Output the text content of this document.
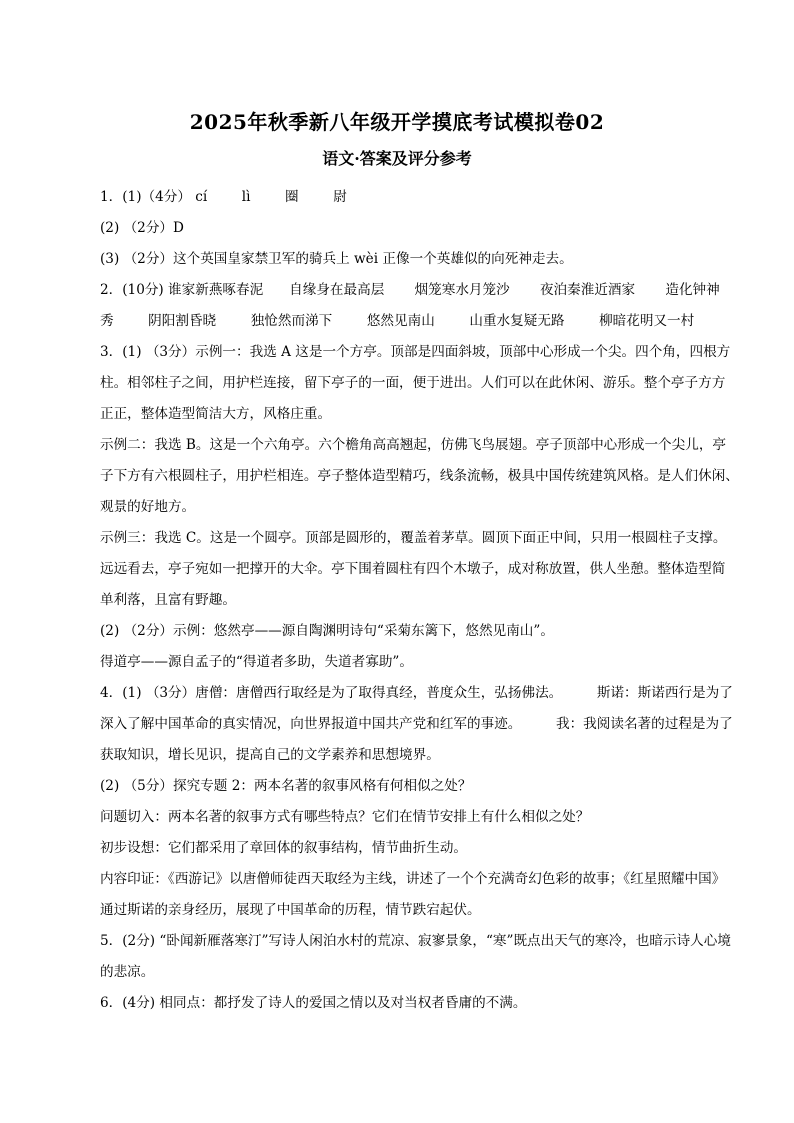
2025年秋季新八年级开学摸底考试模拟卷02
语文·答案及评分参考
1．(1)（4分） cí        lì        圈        尉
(2) （2分）D
(3) （2分）这个英国皇家禁卫军的骑兵上 wèi 正像一个英雄似的向死神走去。
2．(10分) 谁家新燕啄春泥      自缘身在最高层       烟笼寒水月笼沙       夜泊秦淮近酒家       造化钟神
秀        阴阳割昏晓        独怆然而涕下        悠然见南山        山重水复疑无路        柳暗花明又一村
3．(1) （3分）示例一：我选 A 这是一个方亭。顶部是四面斜坡，顶部中心形成一个尖。四个角，四根方
柱。相邻柱子之间，用护栏连接，留下亭子的一面，便于进出。人们可以在此休闲、游乐。整个亭子方方
正正，整体造型简洁大方，风格庄重。
示例二：我选 B。这是一个六角亭。六个檐角高高翘起，仿佛飞鸟展翅。亭子顶部中心形成一个尖儿，亭
子下方有六根圆柱子，用护栏相连。亭子整体造型精巧，线条流畅，极具中国传统建筑风格。是人们休闲、
观景的好地方。
示例三：我选 C。这是一个圆亭。顶部是圆形的，覆盖着茅草。圆顶下面正中间，只用一根圆柱子支撑。
远远看去，亭子宛如一把撑开的大伞。亭下围着圆柱有四个木墩子，成对称放置，供人坐憩。整体造型简
单利落，且富有野趣。
(2) （2分）示例：悠然亭——源自陶渊明诗句“采菊东篱下，悠然见南山”。
得道亭——源自孟子的“得道者多助，失道者寡助”。
4．(1) （3分）唐僧：唐僧西行取经是为了取得真经，普度众生，弘扬佛法。        斯诺：斯诺西行是为了
深入了解中国革命的真实情况，向世界报道中国共产党和红军的事迹。        我：我阅读名著的过程是为了
获取知识，增长见识，提高自己的文学素养和思想境界。
(2) （5分）探究专题 2：两本名著的叙事风格有何相似之处？
问题切入：两本名著的叙事方式有哪些特点？它们在情节安排上有什么相似之处？
初步设想：它们都采用了章回体的叙事结构，情节曲折生动。
内容印证：《西游记》以唐僧师徒西天取经为主线，讲述了一个个充满奇幻色彩的故事；《红星照耀中国》
通过斯诺的亲身经历，展现了中国革命的历程，情节跌宕起伏。
5．(2分) “卧闻新雁落寒汀”写诗人闲泊水村的荒凉、寂寥景象，“寒”既点出天气的寒冷，也暗示诗人心境
的悲凉。
6．(4分) 相同点：都抒发了诗人的爱国之情以及对当权者昏庸的不满。
